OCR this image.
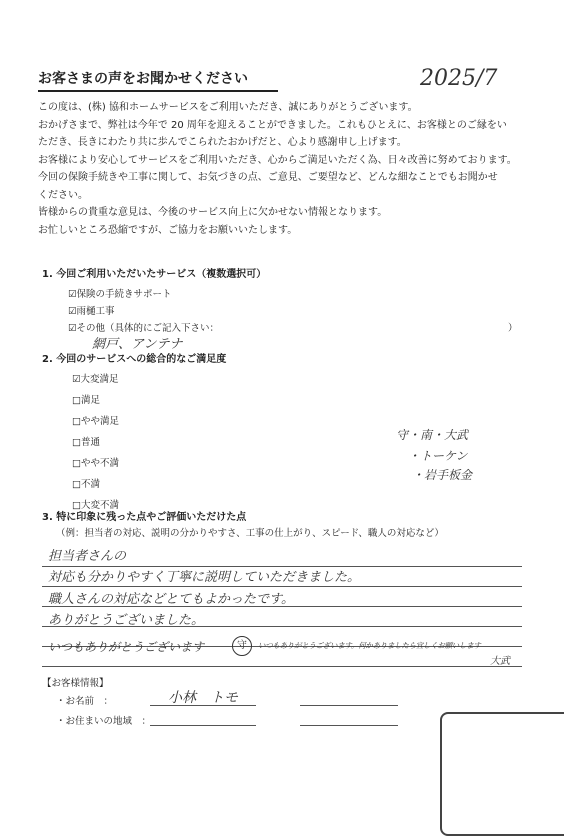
お客さまの声をお聞かせください	2025/7
この度は、(株) 協和ホームサービスをご利用いただき、誠にありがとうございます。
おかげさまで、弊社は今年で 20 周年を迎えることができました。これもひとえに、お客様とのご縁をい
ただき、長きにわたり共に歩んでこられたおかげだと、心より感謝申し上げます。
お客様により安心してサービスをご利用いただき、心からご満足いただく為、日々改善に努めております。
今回の保険手続きや工事に関して、お気づきの点、ご意見、ご要望など、どんな細なことでもお聞かせ
ください。
皆様からの貴重な意見は、今後のサービス向上に欠かせない情報となります。
お忙しいところ恐縮ですが、ご協力をお願いいたします。
1. 今回ご利用いただいたサービス（複数選択可）
☑保険の手続きサポート
☑雨樋工事
☑その他（具体的にご記入下さい：	）
網戸、アンテナ
2. 今回のサービスへの総合的なご満足度
☑大変満足
□満足
□やや満足
□普通
□やや不満
□不満
□大変不満
守・南・大武
・トーケン
・岩手板金
3. 特に印象に残った点やご評価いただけた点
（例：担当者の対応、説明の分かりやすさ、工事の仕上がり、スピード、職人の対応など）
担当者さんの
対応も分かりやすく丁寧に説明していただきました。
職人さんの対応などとてもよかったです。
ありがとうございました。
いつもありがとうございます	守	いつもありがとうございます。何かありましたら宜しくお願いします
大武
【お客様情報】
・お名前　：	小林　トモ
・お住まいの地域　：
